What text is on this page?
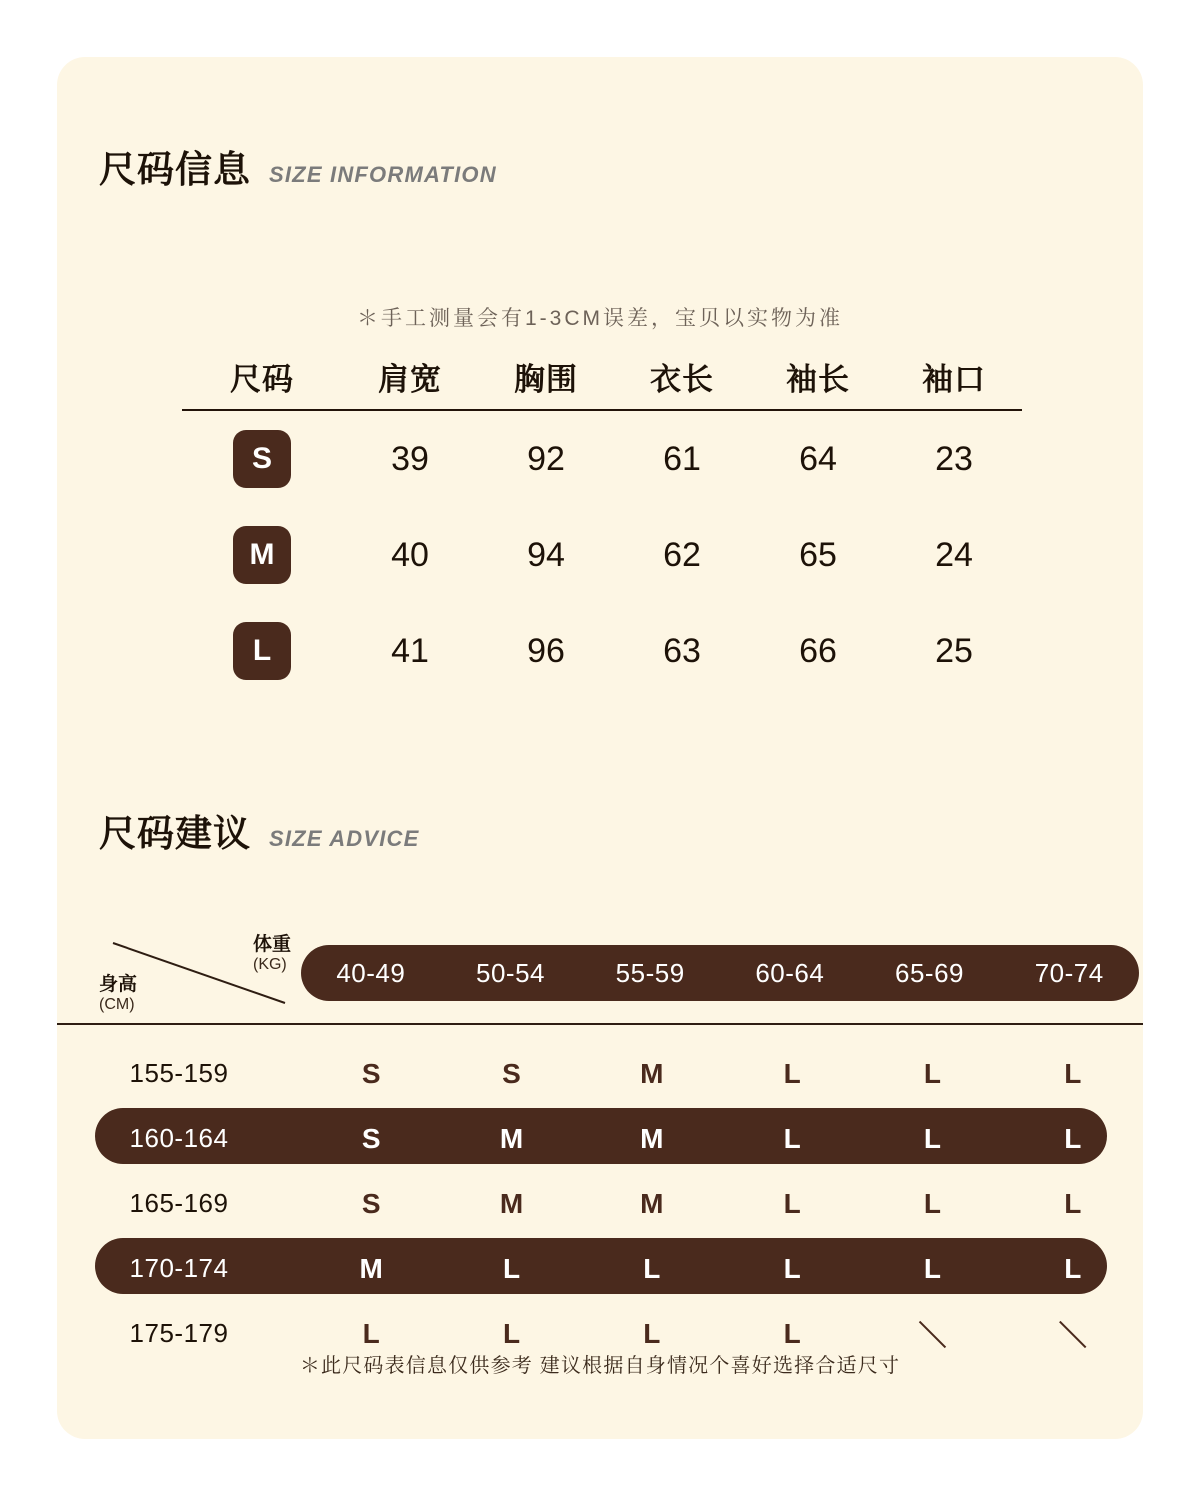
尺码信息 SIZE INFORMATION
＊手工测量会有1-3CM误差，宝贝以实物为准
尺码	肩宽	胸围	衣长	袖长	袖口
S	39	92	61	64	23
M	40	94	62	65	24
L	41	96	63	66	25
尺码建议 SIZE ADVICE
体重
(KG)
身高
(CM)
40-49	50-54	55-59	60-64	65-69	70-74
155-159	S	S	M	L	L	L
160-164	S	M	M	L	L	L
165-169	S	M	M	L	L	L
170-174	M	L	L	L	L	L
175-179	L	L	L	L	＼	＼
＊此尺码表信息仅供参考 建议根据自身情况个喜好选择合适尺寸
